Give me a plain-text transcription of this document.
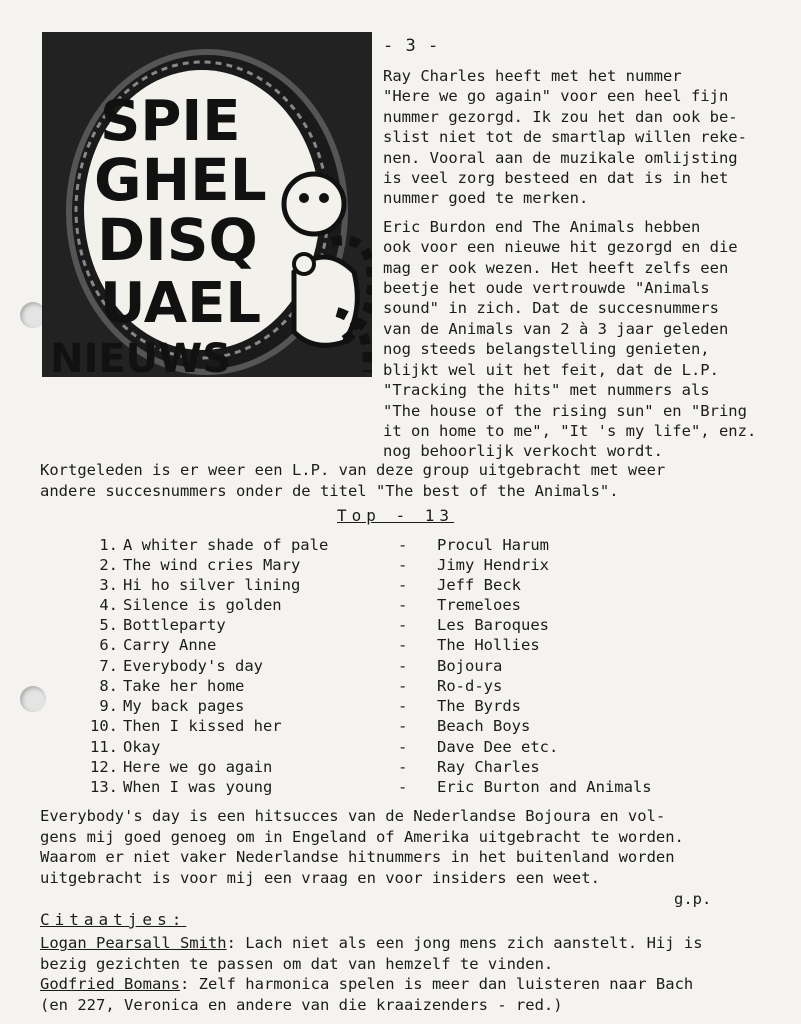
SPIE
GHEL
DISQ
UAEL
NIEUWS
- 3 -

Ray Charles heeft met het nummer

"Here we go again" voor een heel fijn

nummer gezorgd. Ik zou het dan ook be-

slist niet tot de smartlap willen reke-

nen. Vooral aan de muzikale omlijsting

is veel zorg besteed en dat is in het

nummer goed te merken.

Eric Burdon end The Animals hebben

ook voor een nieuwe hit gezorgd en die

mag er ook wezen. Het heeft zelfs een

beetje het oude vertrouwde "Animals

sound" in zich. Dat de succesnummers

van de Animals van 2 à 3 jaar geleden

nog steeds belangstelling genieten,

blijkt wel uit het feit, dat de L.P.

"Tracking the hits" met nummers als

"The house of the rising sun" en "Bring

it on home to me", "It 's my life", enz.

nog behoorlijk verkocht wordt.

Kortgeleden is er weer een L.P. van deze group uitgebracht met weer

andere succesnummers onder de titel "The best of the Animals".

Top - 13
1. A whiter shade of pale	- Procul Harum
2. The wind cries Mary	- Jimy Hendrix
3. Hi ho silver lining	- Jeff Beck
4. Silence is golden	- Tremeloes
5. Bottleparty	- Les Baroques
6. Carry Anne	- The Hollies
7. Everybody's day	- Bojoura
8. Take her home	- Ro-d-ys
9. My back pages	- The Byrds
10. Then I kissed her	- Beach Boys
11. Okay	- Dave Dee etc.
12. Here we go again	- Ray Charles
13. When I was young	- Eric Burton and Animals

Everybody's day is een hitsucces van de Nederlandse Bojoura en vol-

gens mij goed genoeg om in Engeland of Amerika uitgebracht te worden.

Waarom er niet vaker Nederlandse hitnummers in het buitenland worden

uitgebracht is voor mij een vraag en voor insiders een weet.

g.p.
Citaatjes:

Logan Pearsall Smith: Lach niet als een jong mens zich aanstelt. Hij is

bezig gezichten te passen om dat van hemzelf te vinden.

Godfried Bomans: Zelf harmonica spelen is meer dan luisteren naar Bach

(en 227, Veronica en andere van die kraaizenders - red.)
